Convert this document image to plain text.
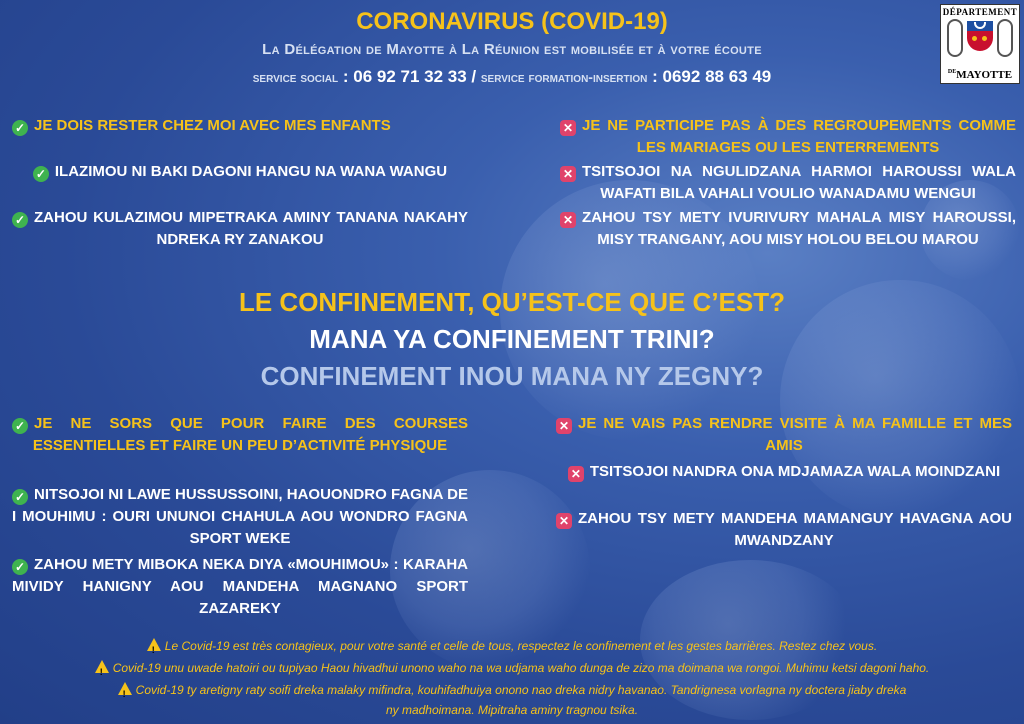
CORONAVIRUS (COVID-19)
La Délégation de Mayotte à La Réunion est mobilisée et à votre écoute
service social : 06 92 71 32 33 / service formation-insertion : 0692 88 63 49
DÉPARTEMENT
$^{DE}$MAYOTTE
✓ JE DOIS RESTER CHEZ MOI AVEC MES ENFANTS
✓ ILAZIMOU NI BAKI DAGONI HANGU NA WANA WANGU
✓ ZAHOU KULAZIMOU MIPETRAKA AMINY TANANA NAKAHY NDREKA RY ZANAKOU
✕ JE NE PARTICIPE PAS À DES REGROUPEMENTS COMME LES MARIAGES OU LES ENTERREMENTS
✕ TSITSOJOI NA NGULIDZANA HARMOI HAROUSSI WALA WAFATI BILA VAHALI VOULIO WANADAMU WENGUI
✕ ZAHOU TSY METY IVURIVURY MAHALA MISY HAROUSSI, MISY TRANGANY, AOU MISY HOLOU BELOU MAROU
LE CONFINEMENT, QU’EST-CE QUE C’EST?
MANA YA CONFINEMENT TRINI?
CONFINEMENT INOU MANA NY ZEGNY?
✓ JE NE SORS QUE POUR FAIRE DES COURSES ESSENTIELLES ET FAIRE UN PEU D’ACTIVITÉ PHYSIQUE
✓ NITSOJOI NI LAWE HUSSUSSOINI, HAOUONDRO FAGNA DE I MOUHIMU : OURI UNUNOI CHAHULA AOU WONDRO FAGNA SPORT WEKE
✓ ZAHOU METY MIBOKA NEKA DIYA «MOUHIMOU» : KARAHA MIVIDY HANIGNY AOU MANDEHA MAGNANO SPORT ZAZAREKY
✕ JE NE VAIS PAS RENDRE VISITE À MA FAMILLE ET MES AMIS
✕ TSITSOJOI NANDRA ONA MDJAMAZA WALA MOINDZANI
✕ ZAHOU TSY METY MANDEHA MAMANGUY HAVAGNA AOU MWANDZANY
!Le Covid-19 est très contagieux, pour votre santé et celle de tous, respectez le confinement et les gestes barrières. Restez chez vous.
!Covid-19 unu uwade hatoiri ou tupiyao Haou hivadhui unono waho na wa udjama waho dunga de zizo ma doimana wa rongoi. Muhimu ketsi dagoni haho.
!Covid-19 ty aretigny raty soifi dreka malaky mifindra, kouhifadhuiya onono nao dreka nidry havanao. Tandrignesa vorlagna ny doctera jiaby dreka
ny madhoimana. Mipitraha aminy tragnou tsika.
